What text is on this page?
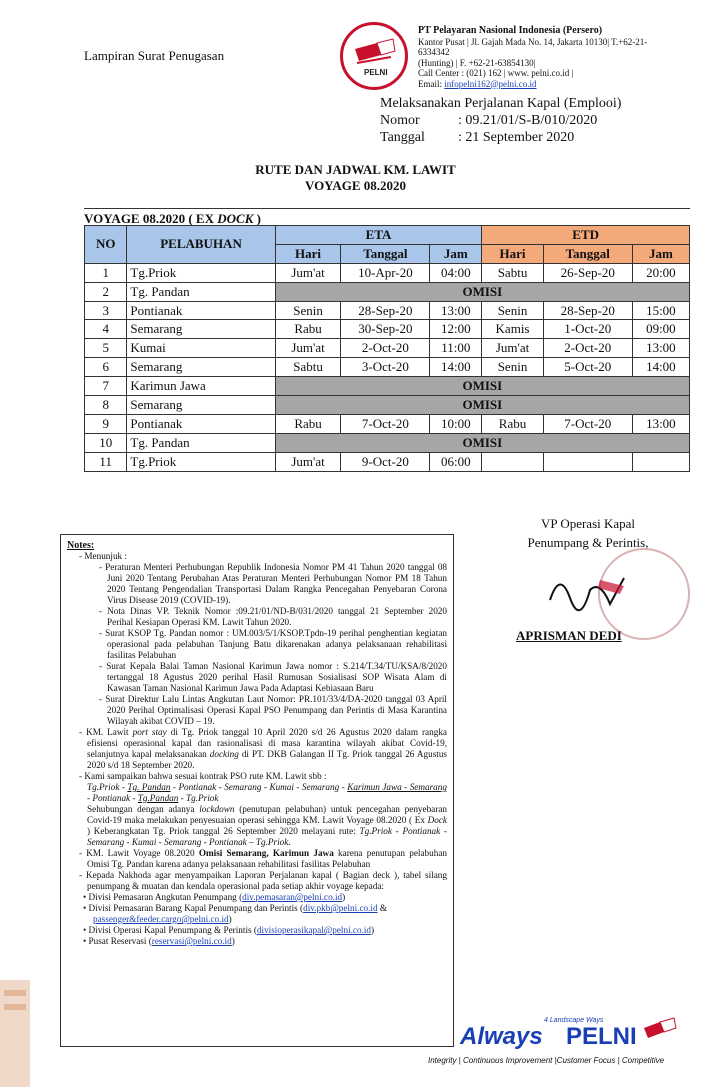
Lampiran Surat Penugasan
PELNI
PT Pelayaran Nasional Indonesia (Persero)
Kantor Pusat | Jl. Gajah Mada No. 14, Jakarta 10130| T.+62-21-6334342
(Hunting) | F. +62-21-63854130|
Call Center : (021) 162 | www. pelni.co.id |
Email: infopelni162@pelni.co.id
Melaksanakan Perjalanan Kapal (Emplooi)
Nomor	: 09.21/01/S-B/010/2020
Tanggal	: 21 September 2020
RUTE DAN JADWAL KM. LAWIT
VOYAGE 08.2020
VOYAGE 08.2020 ( EX DOCK )
NO	PELABUHAN	ETA			ETD		
		Hari	Tanggal	Jam	Hari	Tanggal	Jam
1	Tg.Priok	Jum'at	10-Apr-20	04:00	Sabtu	26-Sep-20	20:00
2	Tg. Pandan	OMISI					
3	Pontianak	Senin	28-Sep-20	13:00	Senin	28-Sep-20	15:00
4	Semarang	Rabu	30-Sep-20	12:00	Kamis	1-Oct-20	09:00
5	Kumai	Jum'at	2-Oct-20	11:00	Jum'at	2-Oct-20	13:00
6	Semarang	Sabtu	3-Oct-20	14:00	Senin	5-Oct-20	14:00
7	Karimun Jawa	OMISI					
8	Semarang	OMISI					
9	Pontianak	Rabu	7-Oct-20	10:00	Rabu	7-Oct-20	13:00
10	Tg. Pandan	OMISI					
11	Tg.Priok	Jum'at	9-Oct-20	06:00			
VP Operasi Kapal
Penumpang & Perintis,
APRISMAN DEDI
Notes:
- Menunjuk :
- Peraturan Menteri Perhubungan Republik Indonesia Nomor PM 41 Tahun 2020 tanggal 08 Juni 2020 Tentang Perubahan Atas Peraturan Menteri Perhubungan Nomor PM 18 Tahun 2020 Tentang Pengendalian Transportasi Dalam Rangka Pencegahan Penyebaran Corona Virus Disease 2019 (COVID-19).
- Nota Dinas VP. Teknik Nomor :09.21/01/ND-B/031/2020 tanggal 21 September 2020 Perihal Kesiapan Operasi KM. Lawit Tahun 2020.
- Surat KSOP Tg. Pandan nomor : UM.003/5/1/KSOP.Tpdn-19 perihal penghentian kegiatan operasional pada pelabuhan Tanjung Batu dikarenakan adanya pelaksanaan rehabilitasi fasilitas Pelabuhan
- Surat Kepala Balai Taman Nasional Karimun Jawa nomor : S.214/T.34/TU/KSA/8/2020 tertanggal 18 Agustus 2020 perihal Hasil Rumusan Sosialisasi SOP Wisata Alam di Kawasan Taman Nasional Karimun Jawa Pada Adaptasi Kebiasaan Baru
- Surat Direktur Lalu Lintas Angkutan Laut Nomor: PR.101/33/4/DA-2020 tanggal 03 April 2020 Perihal Optimalisasi Operasi Kapal PSO Penumpang dan Perintis di Masa Karantina Wilayah akibat COVID – 19.
- KM. Lawit port stay di Tg. Priok tanggal 10 April 2020 s/d 26 Agustus 2020 dalam rangka efisiensi operasional kapal dan rasionalisasi di masa karantina wilayah akibat Covid-19, selanjutnya kapal melaksanakan docking di PT. DKB Galangan II Tg. Priok tanggal 26 Agustus 2020 s/d 18 September 2020.
- Kami sampaikan bahwa sesuai kontrak PSO rute KM. Lawit sbb :
Tg.Priok - Tg. Pandan - Pontianak - Semarang - Kumai - Semarang - Karimun Jawa - Semarang - Pontianak - Tg.Pandan - Tg.Priok
Sehubungan dengan adanya lockdown (penutupan pelabuhan) untuk pencegahan penyebaran Covid-19 maka melakukan penyesuaian operasi sehingga KM. Lawit Voyage 08.2020 ( Ex Dock ) Keberangkatan Tg. Priok tanggal 26 September 2020 melayani rute: Tg.Priok - Pontianak - Semarang - Kumai - Semarang - Pontianak – Tg.Priok.
- KM. Lawit Voyage 08.2020 Omisi Semarang, Karimun Jawa karena penutupan pelabuhan Omisi Tg. Pandan karena adanya pelaksanaan rehabilitasi fasilitas Pelabuhan
- Kepada Nakhoda agar menyampaikan Laporan Perjalanan kapal ( Bagian deck ), tabel silang penumpang & muatan dan kendala operasional pada setiap akhir voyage kepada:
• Divisi Pemasaran Angkutan Penumpang (div.pemasaran@pelni.co.id)
• Divisi Pemasaran Barang Kapal Penumpang dan Perintis (div.pkb@pelni.co.id & passenger&feeder.cargo@pelni.co.id)
• Divisi Operasi Kapal Penumpang & Perintis (divisioperasikapal@pelni.co.id)
• Pusat Reservasi (reservasi@pelni.co.id)
Always
4 Landscape Ways
PELNI
Integrity | Continuous Improvement |Customer Focus | Competitive
